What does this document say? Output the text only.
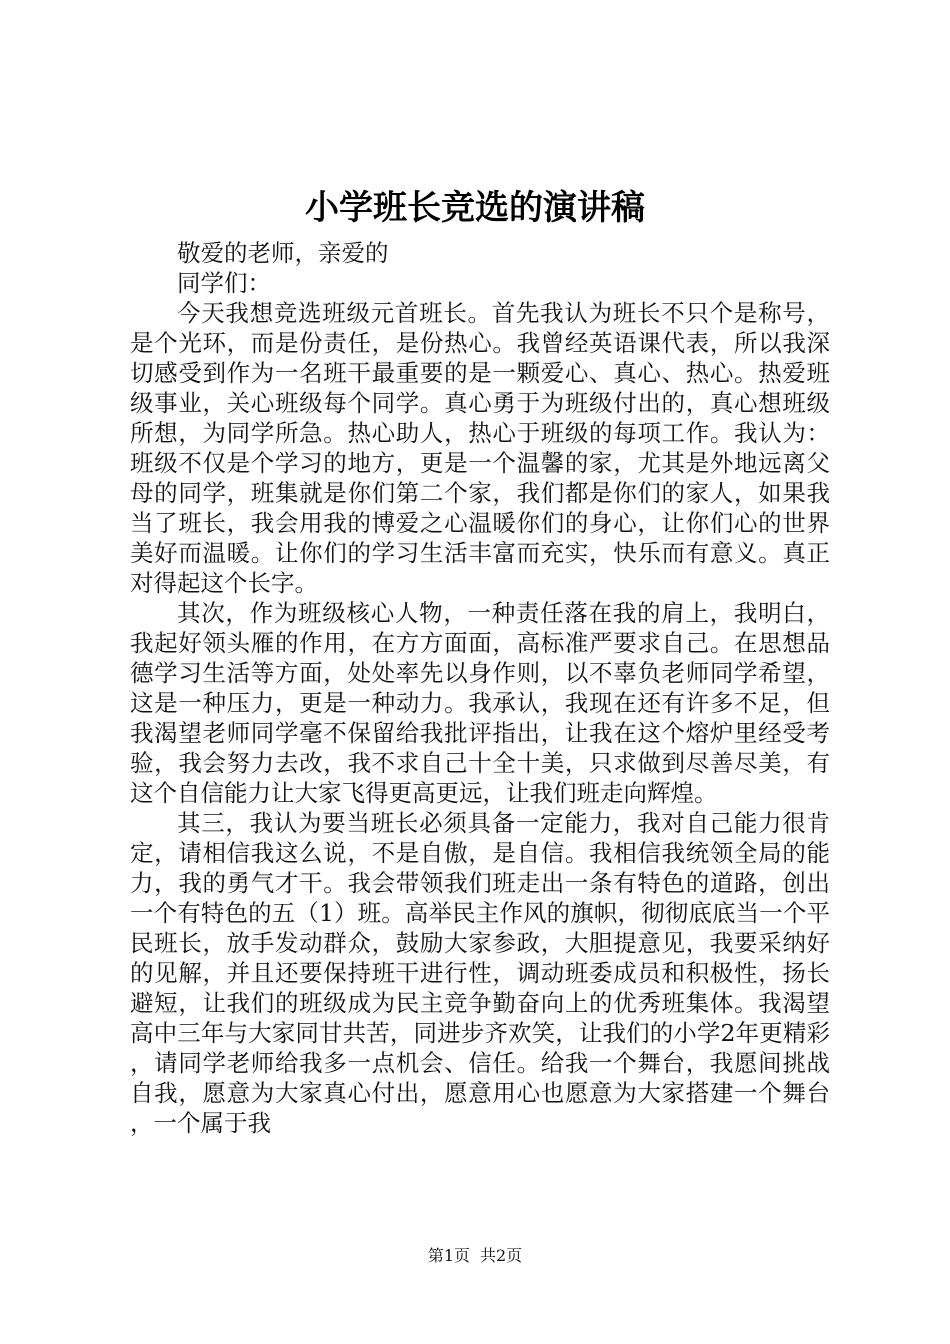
小学班长竞选的演讲稿

敬爱的老师，亲爱的

同学们：

今天我想竞选班级元首班长。首先我认为班长不只个是称号，是个光环，而是份责任，是份热心。我曾经英语课代表，所以我深切感受到作为一名班干最重要的是一颗爱心、真心、热心。热爱班级事业，关心班级每个同学。真心勇于为班级付出的，真心想班级所想，为同学所急。热心助人，热心于班级的每项工作。我认为：班级不仅是个学习的地方，更是一个温馨的家，尤其是外地远离父母的同学，班集就是你们第二个家，我们都是你们的家人，如果我当了班长，我会用我的博爱之心温暖你们的身心，让你们心的世界美好而温暖。让你们的学习生活丰富而充实，快乐而有意义。真正对得起这个长字。

其次，作为班级核心人物，一种责任落在我的肩上，我明白，我起好领头雁的作用，在方方面面，高标准严要求自己。在思想品德学习生活等方面，处处率先以身作则，以不辜负老师同学希望，这是一种压力，更是一种动力。我承认，我现在还有许多不足，但我渴望老师同学毫不保留给我批评指出，让我在这个熔炉里经受考验，我会努力去改，我不求自己十全十美，只求做到尽善尽美，有这个自信能力让大家飞得更高更远，让我们班走向辉煌。

其三，我认为要当班长必须具备一定能力，我对自己能力很肯定，请相信我这么说，不是自傲，是自信。我相信我统领全局的能力，我的勇气才干。我会带领我们班走出一条有特色的道路，创出一个有特色的五（1）班。高举民主作风的旗帜，彻彻底底当一个平民班长，放手发动群众，鼓励大家参政，大胆提意见，我要采纳好的见解，并且还要保持班干进行性，调动班委成员和积极性，扬长避短，让我们的班级成为民主竞争勤奋向上的优秀班集体。我渴望高中三年与大家同甘共苦，同进步齐欢笑，让我们的小学2年更精彩，请同学老师给我多一点机会、信任。给我一个舞台，我愿间挑战自我，愿意为大家真心付出，愿意用心也愿意为大家搭建一个舞台，一个属于我

第1页 共2页
